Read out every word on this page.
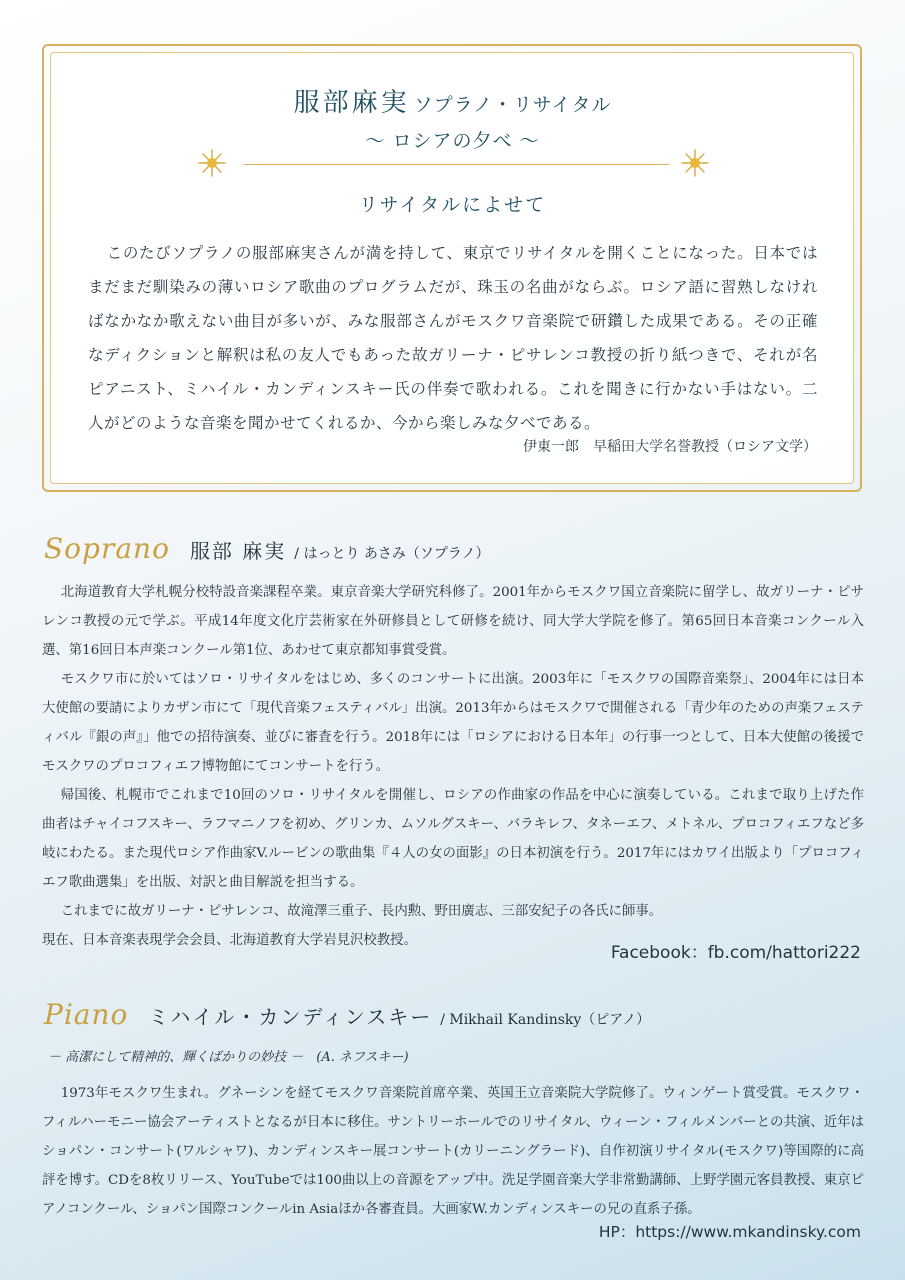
服部麻実 ソプラノ・リサイタル
～ ロシアの夕べ ～
リサイタルによせて
このたびソプラノの服部麻実さんが満を持して、東京でリサイタルを開くことになった。日本ではまだまだ馴染みの薄いロシア歌曲のプログラムだが、珠玉の名曲がならぶ。ロシア語に習熟しなければなかなか歌えない曲目が多いが、みな服部さんがモスクワ音楽院で研鑽した成果である。その正確なディクションと解釈は私の友人でもあった故ガリーナ・ピサレンコ教授の折り紙つきで、それが名ピアニスト、ミハイル・カンディンスキー氏の伴奏で歌われる。これを聞きに行かない手はない。二人がどのような音楽を聞かせてくれるか、今から楽しみな夕べである。
伊東一郎　早稲田大学名誉教授（ロシア文学）
Soprano 服部 麻実 / はっとり あさみ（ソプラノ）

北海道教育大学札幌分校特設音楽課程卒業。東京音楽大学研究科修了。2001年からモスクワ国立音楽院に留学し、故ガリーナ・ピサレンコ教授の元で学ぶ。平成14年度文化庁芸術家在外研修員として研修を続け、同大学大学院を修了。第65回日本音楽コンクール入選、第16回日本声楽コンクール第1位、あわせて東京都知事賞受賞。

モスクワ市に於いてはソロ・リサイタルをはじめ、多くのコンサートに出演。2003年に「モスクワの国際音楽祭」、2004年には日本大使館の要請によりカザン市にて「現代音楽フェスティバル」出演。2013年からはモスクワで開催される「青少年のための声楽フェスティバル『銀の声』」他での招待演奏、並びに審査を行う。2018年には「ロシアにおける日本年」の行事一つとして、日本大使館の後援でモスクワのプロコフィエフ博物館にてコンサートを行う。

帰国後、札幌市でこれまで10回のソロ・リサイタルを開催し、ロシアの作曲家の作品を中心に演奏している。これまで取り上げた作曲者はチャイコフスキー、ラフマニノフを初め、グリンカ、ムソルグスキー、バラキレフ、タネーエフ、メトネル、プロコフィエフなど多岐にわたる。また現代ロシア作曲家V.ルービンの歌曲集『４人の女の面影』の日本初演を行う。2017年にはカワイ出版より「プロコフィエフ歌曲選集」を出版、対訳と曲目解説を担当する。

これまでに故ガリーナ・ピサレンコ、故滝澤三重子、長内勲、野田廣志、三部安紀子の各氏に師事。

現在、日本音楽表現学会会員、北海道教育大学岩見沢校教授。

Facebook：fb.com/hattori222
Piano ミハイル・カンディンスキー / Mikhail Kandinsky（ピアノ）
－ 高潔にして精神的、輝くばかりの妙技 －　(A. ネフスキー)

1973年モスクワ生まれ。グネーシンを経てモスクワ音楽院首席卒業、英国王立音楽院大学院修了。ウィンゲート賞受賞。モスクワ・フィルハーモニー協会アーティストとなるが日本に移住。サントリーホールでのリサイタル、ウィーン・フィルメンバーとの共演、近年はショパン・コンサート(ワルシャワ)、カンディンスキー展コンサート(カリーニングラード)、自作初演リサイタル(モスクワ)等国際的に高評を博す。CDを8枚リリース、YouTubeでは100曲以上の音源をアップ中。洗足学園音楽大学非常勤講師、上野学園元客員教授、東京ピアノコンクール、ショパン国際コンクールin Asiaほか各審査員。大画家W.カンディンスキーの兄の直系子孫。

HP：https://www.mkandinsky.com
